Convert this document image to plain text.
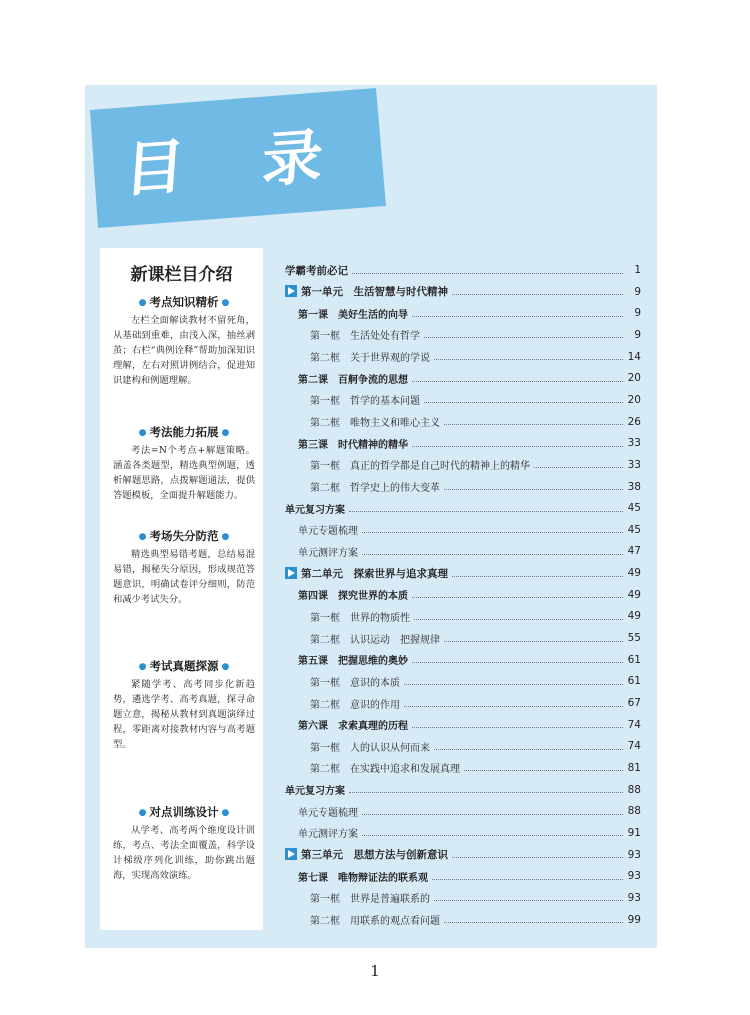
目 录
新课栏目介绍
● 考点知识精析 ●
左栏全面解读教材不留死角，从基础到重难，由浅入深，抽丝剥茧；右栏“典例诠释”帮助加深知识理解，左右对照讲例结合，促进知识建构和例题理解。
● 考法能力拓展 ●
考法=N个考点+解题策略。涵盖各类题型，精选典型例题，透析解题思路，点拨解题通法，提供答题模板，全面提升解题能力。
● 考场失分防范 ●
精选典型易错考题，总结易混易错，揭秘失分原因，形成规范答题意识，明确试卷评分细则，防范和减少考试失分。
● 考试真题探源 ●
紧随学考、高考同步化新趋势，遴选学考、高考真题，探寻命题立意，揭秘从教材到真题演绎过程，零距离对接教材内容与高考题型。
● 对点训练设计 ●
从学考、高考两个维度设计训练，考点、考法全面覆盖，科学设计梯级序列化训练，助你跳出题海，实现高效演练。
学霸考前必记	1
第一单元　生活智慧与时代精神	9
第一课　美好生活的向导	9
第一框　生活处处有哲学	9
第二框　关于世界观的学说	14
第二课　百舸争流的思想	20
第一框　哲学的基本问题	20
第二框　唯物主义和唯心主义	26
第三课　时代精神的精华	33
第一框　真正的哲学都是自己时代的精神上的精华	33
第二框　哲学史上的伟大变革	38
单元复习方案	45
单元专题梳理	45
单元测评方案	47
第二单元　探索世界与追求真理	49
第四课　探究世界的本质	49
第一框　世界的物质性	49
第二框　认识运动　把握规律	55
第五课　把握思维的奥妙	61
第一框　意识的本质	61
第二框　意识的作用	67
第六课　求索真理的历程	74
第一框　人的认识从何而来	74
第二框　在实践中追求和发展真理	81
单元复习方案	88
单元专题梳理	88
单元测评方案	91
第三单元　思想方法与创新意识	93
第七课　唯物辩证法的联系观	93
第一框　世界是普遍联系的	93
第二框　用联系的观点看问题	99
1
